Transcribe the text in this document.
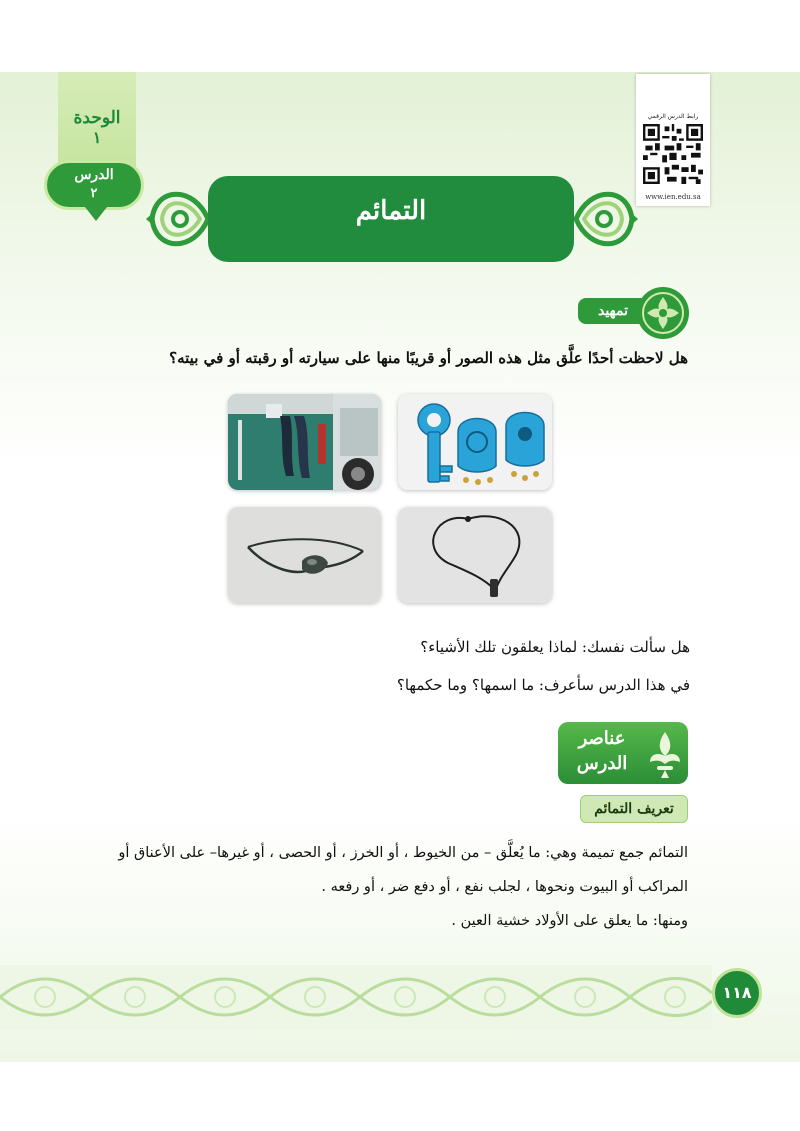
الوحدة
١
الدرس
٢
رابط الدرس الرقمي
www.ien.edu.sa
التمائم
تمهيد
هل لاحظت أحدًا علَّق مثل هذه الصور أو قريبًا منها على سيارته أو رقبته أو في بيته؟
هل سألت نفسك: لماذا يعلقون تلك الأشياء؟
في هذا الدرس سأعرف: ما اسمها؟ وما حكمها؟
عناصر
الدرس
تعريف التمائم
التمائم جمع تميمة وهي: ما يُعلَّق – من الخيوط ، أو الخرز ، أو الحصى ، أو غيرها– على الأعناق أو
المراكب أو البيوت ونحوها ، لجلب نفع ، أو دفع ضر ، أو رفعه .
ومنها: ما يعلق على الأولاد خشية العين .
١١٨
